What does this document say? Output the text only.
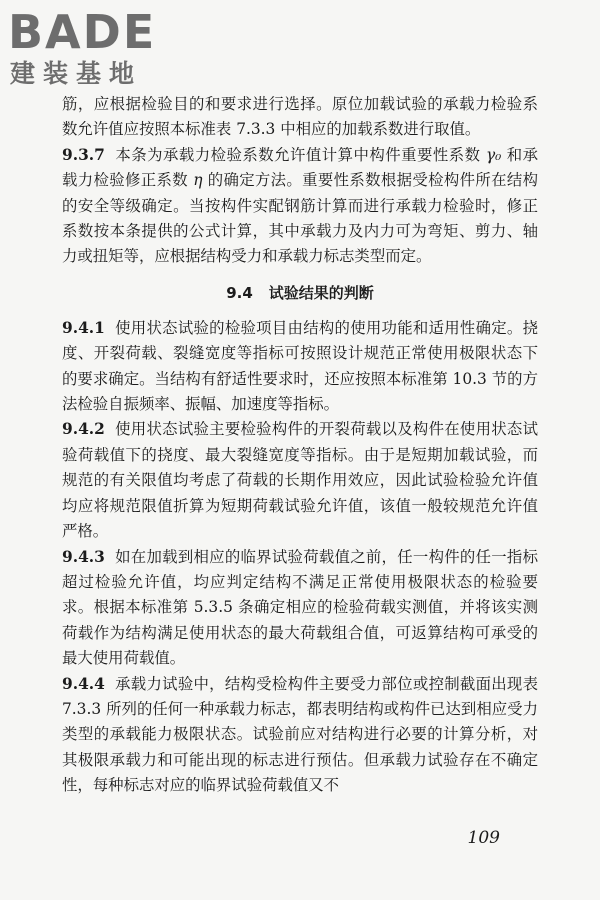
BADE
建装基地

筋，应根据检验目的和要求进行选择。原位加载试验的承载力检验系数允许值应按照本标准表 7.3.3 中相应的加载系数进行取值。

9.3.7 本条为承载力检验系数允许值计算中构件重要性系数 γ₀ 和承载力检验修正系数 η 的确定方法。重要性系数根据受检构件所在结构的安全等级确定。当按构件实配钢筋计算而进行承载力检验时，修正系数按本条提供的公式计算，其中承载力及内力可为弯矩、剪力、轴力或扭矩等，应根据结构受力和承载力标志类型而定。

9.4 试验结果的判断

9.4.1 使用状态试验的检验项目由结构的使用功能和适用性确定。挠度、开裂荷载、裂缝宽度等指标可按照设计规范正常使用极限状态下的要求确定。当结构有舒适性要求时，还应按照本标准第 10.3 节的方法检验自振频率、振幅、加速度等指标。

9.4.2 使用状态试验主要检验构件的开裂荷载以及构件在使用状态试验荷载值下的挠度、最大裂缝宽度等指标。由于是短期加载试验，而规范的有关限值均考虑了荷载的长期作用效应，因此试验检验允许值均应将规范限值折算为短期荷载试验允许值，该值一般较规范允许值严格。

9.4.3 如在加载到相应的临界试验荷载值之前，任一构件的任一指标超过检验允许值，均应判定结构不满足正常使用极限状态的检验要求。根据本标准第 5.3.5 条确定相应的检验荷载实测值，并将该实测荷载作为结构满足使用状态的最大荷载组合值，可返算结构可承受的最大使用荷载值。

9.4.4 承载力试验中，结构受检构件主要受力部位或控制截面出现表 7.3.3 所列的任何一种承载力标志，都表明结构或构件已达到相应受力类型的承载能力极限状态。试验前应对结构进行必要的计算分析，对其极限承载力和可能出现的标志进行预估。但承载力试验存在不确定性，每种标志对应的临界试验荷载值又不

109
